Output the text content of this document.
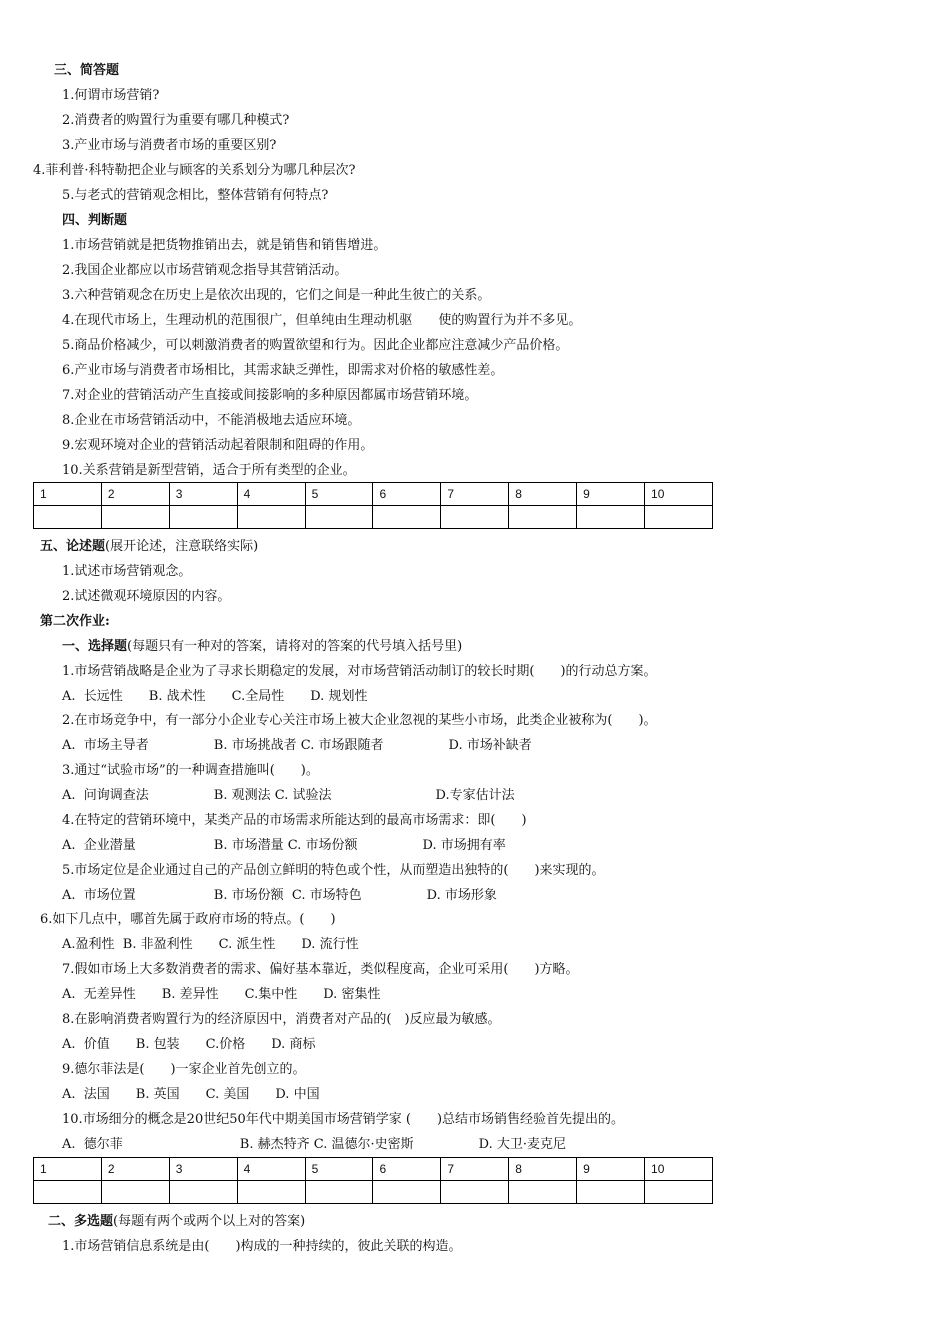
三、简答题
1.何谓市场营销?
2.消费者的购置行为重要有哪几种模式?
3.产业市场与消费者市场的重要区别?
4.菲利普·科特勒把企业与顾客的关系划分为哪几种层次?
5.与老式的营销观念相比，整体营销有何特点?
四、判断题
1.市场营销就是把货物推销出去，就是销售和销售增进。
2.我国企业都应以市场营销观念指导其营销活动。
3.六种营销观念在历史上是依次出现的，它们之间是一种此生彼亡的关系。
4.在现代市场上，生理动机的范围很广，但单纯由生理动机驱　　使的购置行为并不多见。
5.商品价格减少，可以刺激消费者的购置欲望和行为。因此企业都应注意减少产品价格。
6.产业市场与消费者市场相比，其需求缺乏弹性，即需求对价格的敏感性差。
7.对企业的营销活动产生直接或间接影响的多种原因都属市场营销环境。
8.企业在市场营销活动中，不能消极地去适应环境。
9.宏观环境对企业的营销活动起着限制和阻碍的作用。
10.关系营销是新型营销，适合于所有类型的企业。
1	2	3	4	5	6	7	8	9	10

五、论述题(展开论述，注意联络实际)
1.试述市场营销观念。
2.试述微观环境原因的内容。
第二次作业:
一、选择题(每题只有一种对的答案，请将对的答案的代号填入括号里)
1.市场营销战略是企业为了寻求长期稳定的发展，对市场营销活动制订的较长时期(　　)的行动总方案。
A.  长远性　　B. 战术性　　C.全局性　　D. 规划性
2.在市场竞争中，有一部分小企业专心关注市场上被大企业忽视的某些小市场，此类企业被称为(　　)。
A.  市场主导者　　　　　B. 市场挑战者 C. 市场跟随者　　　　　D. 市场补缺者
3.通过“试验市场”的一种调查措施叫(　　)。
A.  问询调查法　　　　　B. 观测法 C. 试验法　　　　　　　　D.专家估计法
4.在特定的营销环境中，某类产品的市场需求所能达到的最高市场需求：即(　　)
A.  企业潜量　　　　　　B. 市场潜量 C. 市场份额　　　　　D. 市场拥有率
5.市场定位是企业通过自己的产品创立鲜明的特色或个性，从而塑造出独特的(　　)来实现的。
A.  市场位置　　　　　　B. 市场份额  C. 市场特色　　　　　D. 市场形象
6.如下几点中，哪首先属于政府市场的特点。(　　)
A.盈利性  B. 非盈利性　　C. 派生性　　D. 流行性
7.假如市场上大多数消费者的需求、偏好基本靠近，类似程度高，企业可采用(　　)方略。
A.  无差异性　　B. 差异性　　C.集中性　　D. 密集性
8.在影响消费者购置行为的经济原因中，消费者对产品的(　)反应最为敏感。
A.  价值　　B. 包装　　C.价格　　D. 商标
9.德尔菲法是(　　)一家企业首先创立的。
A.  法国　　B. 英国　　C. 美国　　D. 中国
10.市场细分的概念是20世纪50年代中期美国市场营销学家 (　　)总结市场销售经验首先提出的。
A.  德尔菲　　　　　　　　　B. 赫杰特齐 C. 温德尔·史密斯　　　　　D. 大卫·麦克尼
1	2	3	4	5	6	7	8	9	10

二、多选题(每题有两个或两个以上对的答案)
1.市场营销信息系统是由(　　)构成的一种持续的，彼此关联的构造。
